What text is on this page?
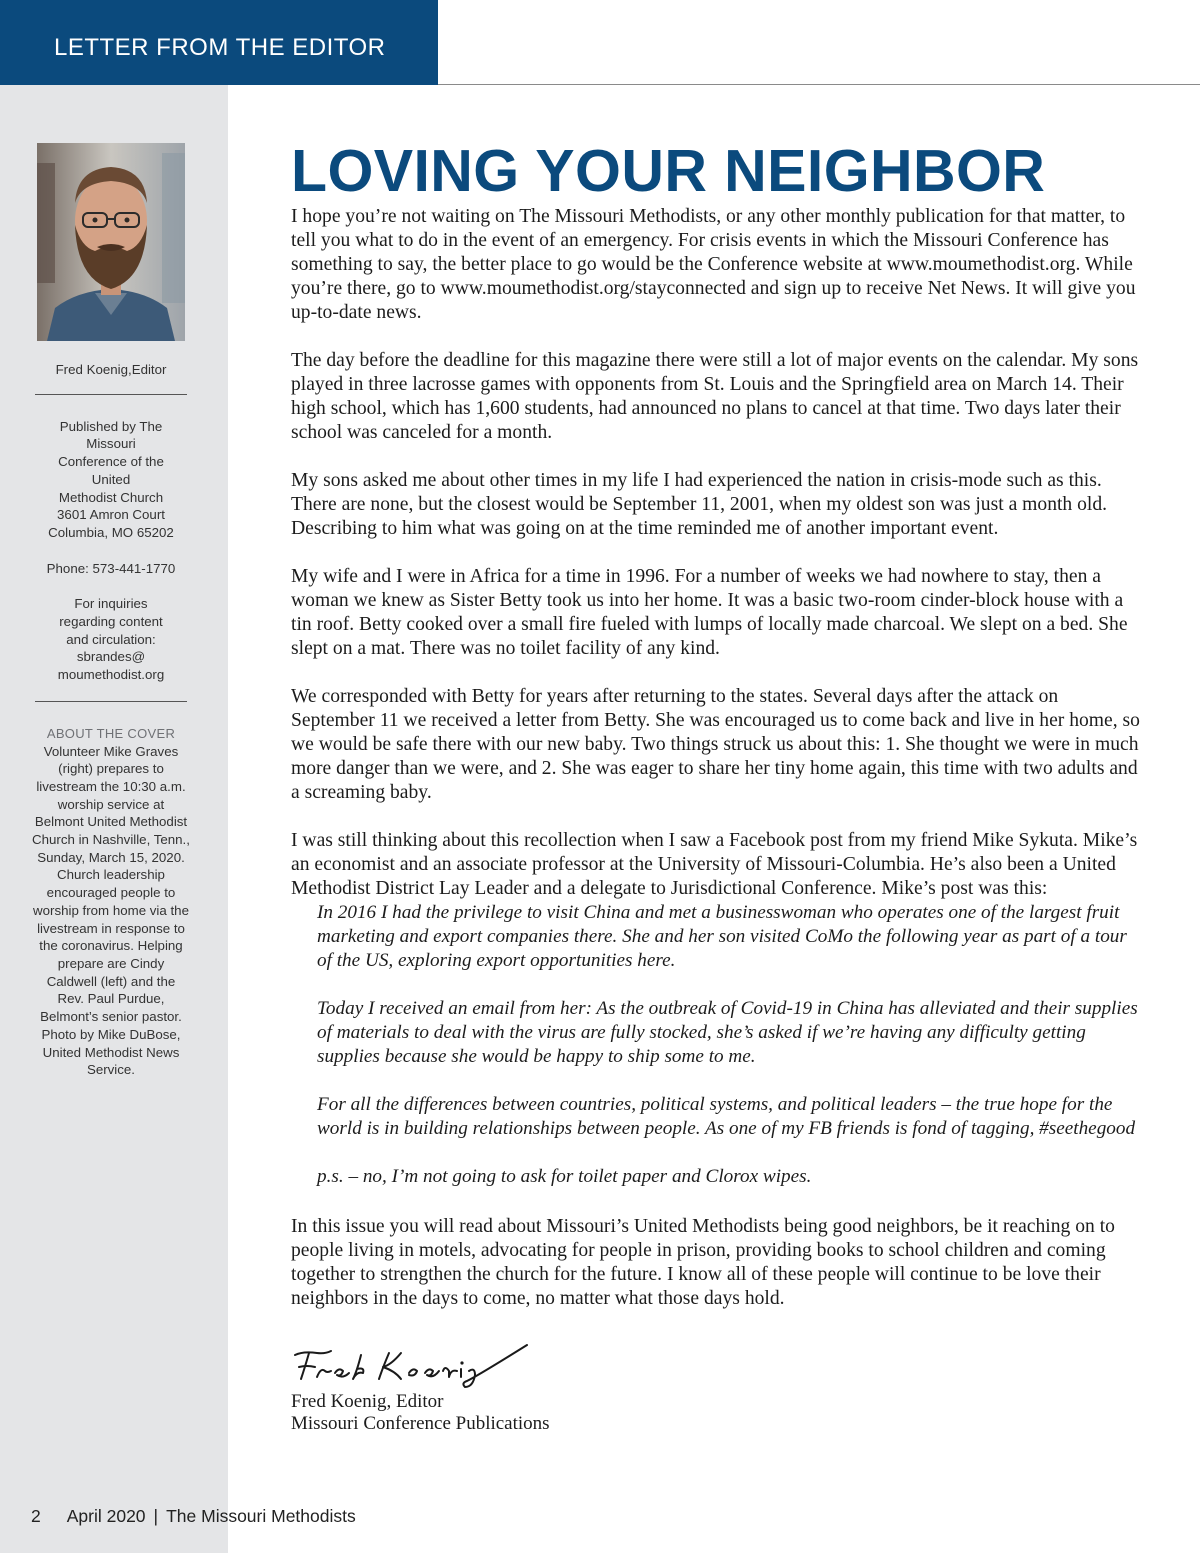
LETTER FROM THE EDITOR
Fred Koenig,Editor
Published by The
Missouri
Conference of the
United
Methodist Church
3601 Amron Court
Columbia, MO 65202
Phone: 573-441-1770
For inquiries
regarding content
and circulation:
sbrandes@
moumethodist.org
ABOUT THE COVER
Volunteer Mike Graves (right) prepares to livestream the 10:30 a.m. worship service at Belmont United Methodist Church in Nashville, Tenn., Sunday, March 15, 2020. Church leadership encouraged people to worship from home via the livestream in response to the coronavirus. Helping prepare are Cindy Caldwell (left) and the Rev. Paul Purdue, Belmont’s senior pastor. Photo by Mike DuBose, United Methodist News Service.
LOVING YOUR NEIGHBOR

I hope you’re not waiting on The Missouri Methodists, or any other monthly publication for that matter, to tell you what to do in the event of an emergency. For crisis events in which the Missouri Conference has something to say, the better place to go would be the Conference website at www.moumethodist.org. While you’re there, go to www.moumethodist.org/stayconnected and sign up to receive Net News. It will give you up-to-date news.

The day before the deadline for this magazine there were still a lot of major events on the calendar. My sons played in three lacrosse games with opponents from St. Louis and the Springfield area on March 14. Their high school, which has 1,600 students, had announced no plans to cancel at that time. Two days later their school was canceled for a month.

My sons asked me about other times in my life I had experienced the nation in crisis-mode such as this. There are none, but the closest would be September 11, 2001, when my oldest son was just a month old. Describing to him what was going on at the time reminded me of another important event.

My wife and I were in Africa for a time in 1996. For a number of weeks we had nowhere to stay, then a woman we knew as Sister Betty took us into her home. It was a basic two-room cinder-block house with a tin roof. Betty cooked over a small fire fueled with lumps of locally made charcoal. We slept on a bed. She slept on a mat. There was no toilet facility of any kind.

We corresponded with Betty for years after returning to the states. Several days after the attack on September 11 we received a letter from Betty. She was encouraged us to come back and live in her home, so we would be safe there with our new baby. Two things struck us about this: 1. She thought we were in much more danger than we were, and 2. She was eager to share her tiny home again, this time with two adults and a screaming baby.

I was still thinking about this recollection when I saw a Facebook post from my friend Mike Sykuta. Mike’s an economist and an associate professor at the University of Missouri-Columbia. He’s also been a United Methodist District Lay Leader and a delegate to Jurisdictional Conference. Mike’s post was this:

In 2016 I had the privilege to visit China and met a businesswoman who operates one of the largest fruit marketing and export companies there. She and her son visited CoMo the following year as part of a tour of the US, exploring export opportunities here.

Today I received an email from her: As the outbreak of Covid-19 in China has alleviated and their supplies of materials to deal with the virus are fully stocked, she’s asked if we’re having any difficulty getting supplies because she would be happy to ship some to me.

For all the differences between countries, political systems, and political leaders – the true hope for the world is in building relationships between people. As one of my FB friends is fond of tagging, #seethegood

p.s. – no, I’m not going to ask for toilet paper and Clorox wipes.

In this issue you will read about Missouri’s United Methodists being good neighbors, be it reaching on to people living in motels, advocating for people in prison, providing books to school children and coming together to strengthen the church for the future. I know all of these people will continue to be love their neighbors in the days to come, no matter what those days hold.

Fred Koenig, Editor
Missouri Conference Publications
2 April 2020 | The Missouri Methodists
